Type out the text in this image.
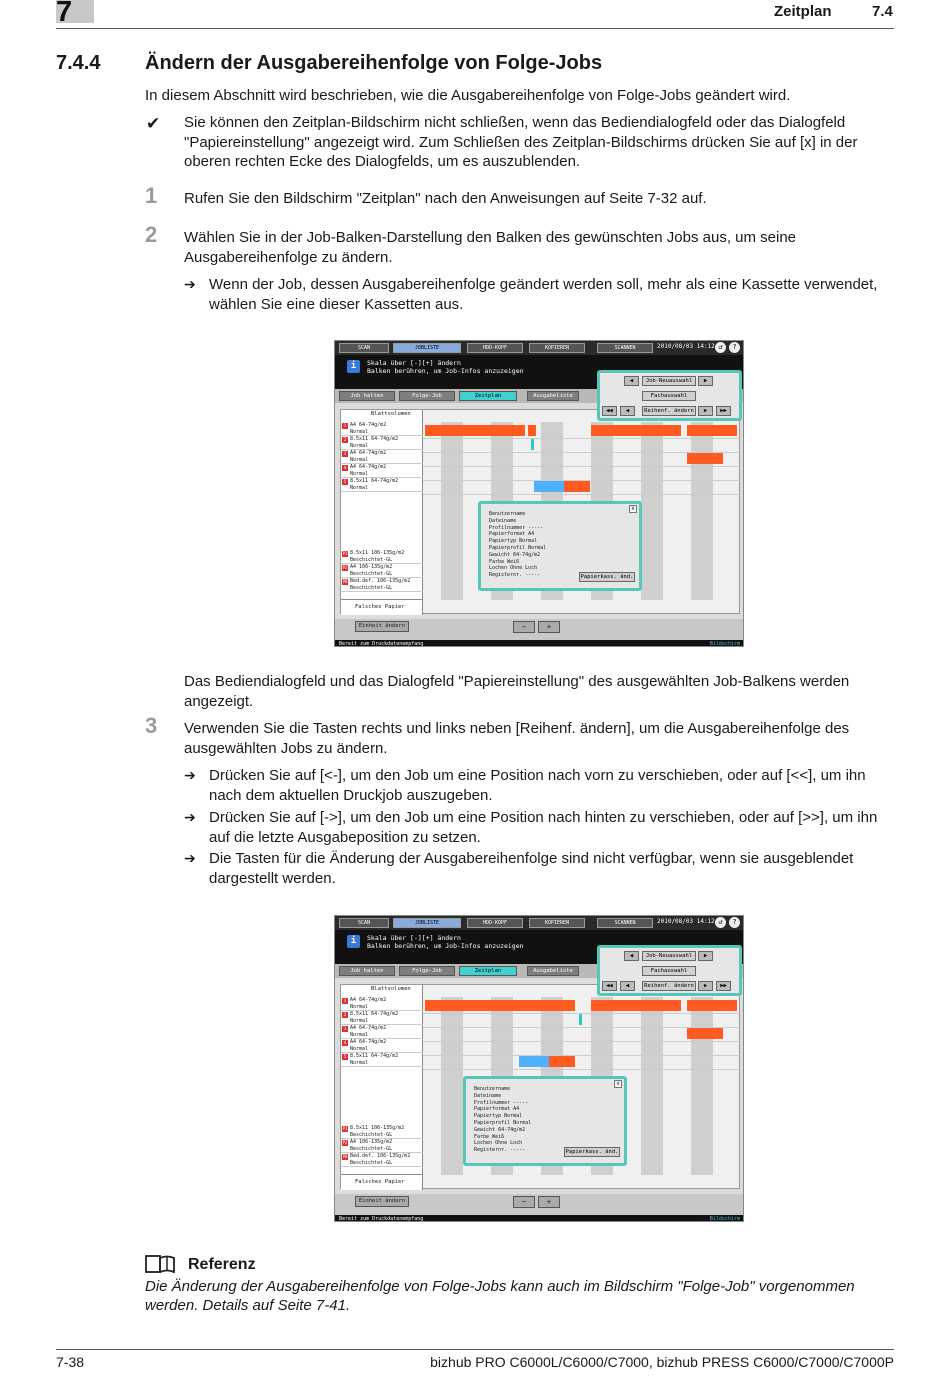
7	Zeitplan	7.4
7.4.4 Ändern der Ausgabereihenfolge von Folge-Jobs
In diesem Abschnitt wird beschrieben, wie die Ausgabereihenfolge von Folge-Jobs geändert wird.
✔ Sie können den Zeitplan-Bildschirm nicht schließen, wenn das Bediendialogfeld oder das Dialogfeld "Papiereinstellung" angezeigt wird. Zum Schließen des Zeitplan-Bildschirms drücken Sie auf [x] in der oberen rechten Ecke des Dialogfelds, um es auszublenden.
1 Rufen Sie den Bildschirm "Zeitplan" nach den Anweisungen auf Seite 7-32 auf.
2 Wählen Sie in der Job-Balken-Darstellung den Balken des gewünschten Jobs aus, um seine Ausgabereihenfolge zu ändern.
➔ Wenn der Job, dessen Ausgabereihenfolge geändert werden soll, mehr als eine Kassette verwendet, wählen Sie eine dieser Kassetten aus.
SCAN	JOBLISTE	HDD-KOPF	KOPIEREN	SCANNEN	2010/08/03 14:12 ↺	?
i	Skala über [-][+] ändern
Balken berühren, um Job-Infos anzuzeigen
Job halten	Folge-Job	Zeitplan	Ausgabeliste
Blattvolumen
1 A4 64-74g/m2
Normal
2 8.5x11 64-74g/m2
Normal
3 A4 64-74g/m2
Normal
4 A4 64-74g/m2
Normal
5 8.5x11 64-74g/m2
Normal
P1 8.5x11 106-135g/m2
Beschichtet-GL
P2 A4 106-135g/m2
Beschichtet-GL
PB Bed.def. 106-135g/m2
Beschichtet-GL
Falsches Papier
◀	Job-Neuauswahl	▶
Fachauswahl
◀◀	◀	Reihenf. ändern	▶	▶▶
x
Benutzername
Dateiname
Profilnummer -----
Papierformat A4
Papiertyp Normal
Papierprofil Normal
Gewicht 64-74g/m2
Farbe Weiß
Lochen Ohne Loch
Registernr. -----	Papierkass. änd.
Einheit ändern	−	+
Bereit zum Druckdatenempfang	Bildschirm
Das Bediendialogfeld und das Dialogfeld "Papiereinstellung" des ausgewählten Job-Balkens werden angezeigt.
3 Verwenden Sie die Tasten rechts und links neben [Reihenf. ändern], um die Ausgabereihenfolge des ausgewählten Jobs zu ändern.
➔ Drücken Sie auf [<-], um den Job um eine Position nach vorn zu verschieben, oder auf [<<], um ihn nach dem aktuellen Druckjob auszugeben.
➔ Drücken Sie auf [->], um den Job um eine Position nach hinten zu verschieben, oder auf [>>], um ihn auf die letzte Ausgabeposition zu setzen.
➔ Die Tasten für die Änderung der Ausgabereihenfolge sind nicht verfügbar, wenn sie ausgeblendet dargestellt werden.
SCAN	JOBLISTE	HDD-KOPF	KOPIEREN	SCANNEN	2010/08/03 14:12 ↺	?
i	Skala über [-][+] ändern
Balken berühren, um Job-Infos anzuzeigen
Job halten	Folge-Job	Zeitplan	Ausgabeliste
Blattvolumen
1 A4 64-74g/m2
Normal
2 8.5x11 64-74g/m2
Normal
3 A4 64-74g/m2
Normal
4 A4 64-74g/m2
Normal
5 8.5x11 64-74g/m2
Normal
P1 8.5x11 106-135g/m2
Beschichtet-GL
P2 A4 106-135g/m2
Beschichtet-GL
PB Bed.def. 106-135g/m2
Beschichtet-GL
Falsches Papier
◀	Job-Neuauswahl	▶
Fachauswahl
◀◀	◀	Reihenf. ändern	▶	▶▶
x
Benutzername
Dateiname
Profilnummer -----
Papierformat A4
Papiertyp Normal
Papierprofil Normal
Gewicht 64-74g/m2
Farbe Weiß
Lochen Ohne Loch
Registernr. -----	Papierkass. änd.
Einheit ändern	−	+
Bereit zum Druckdatenempfang	Bildschirm
Referenz
Die Änderung der Ausgabereihenfolge von Folge-Jobs kann auch im Bildschirm "Folge-Job" vorgenommen werden. Details auf Seite 7-41.
7-38	bizhub PRO C6000L/C6000/C7000, bizhub PRESS C6000/C7000/C7000P
